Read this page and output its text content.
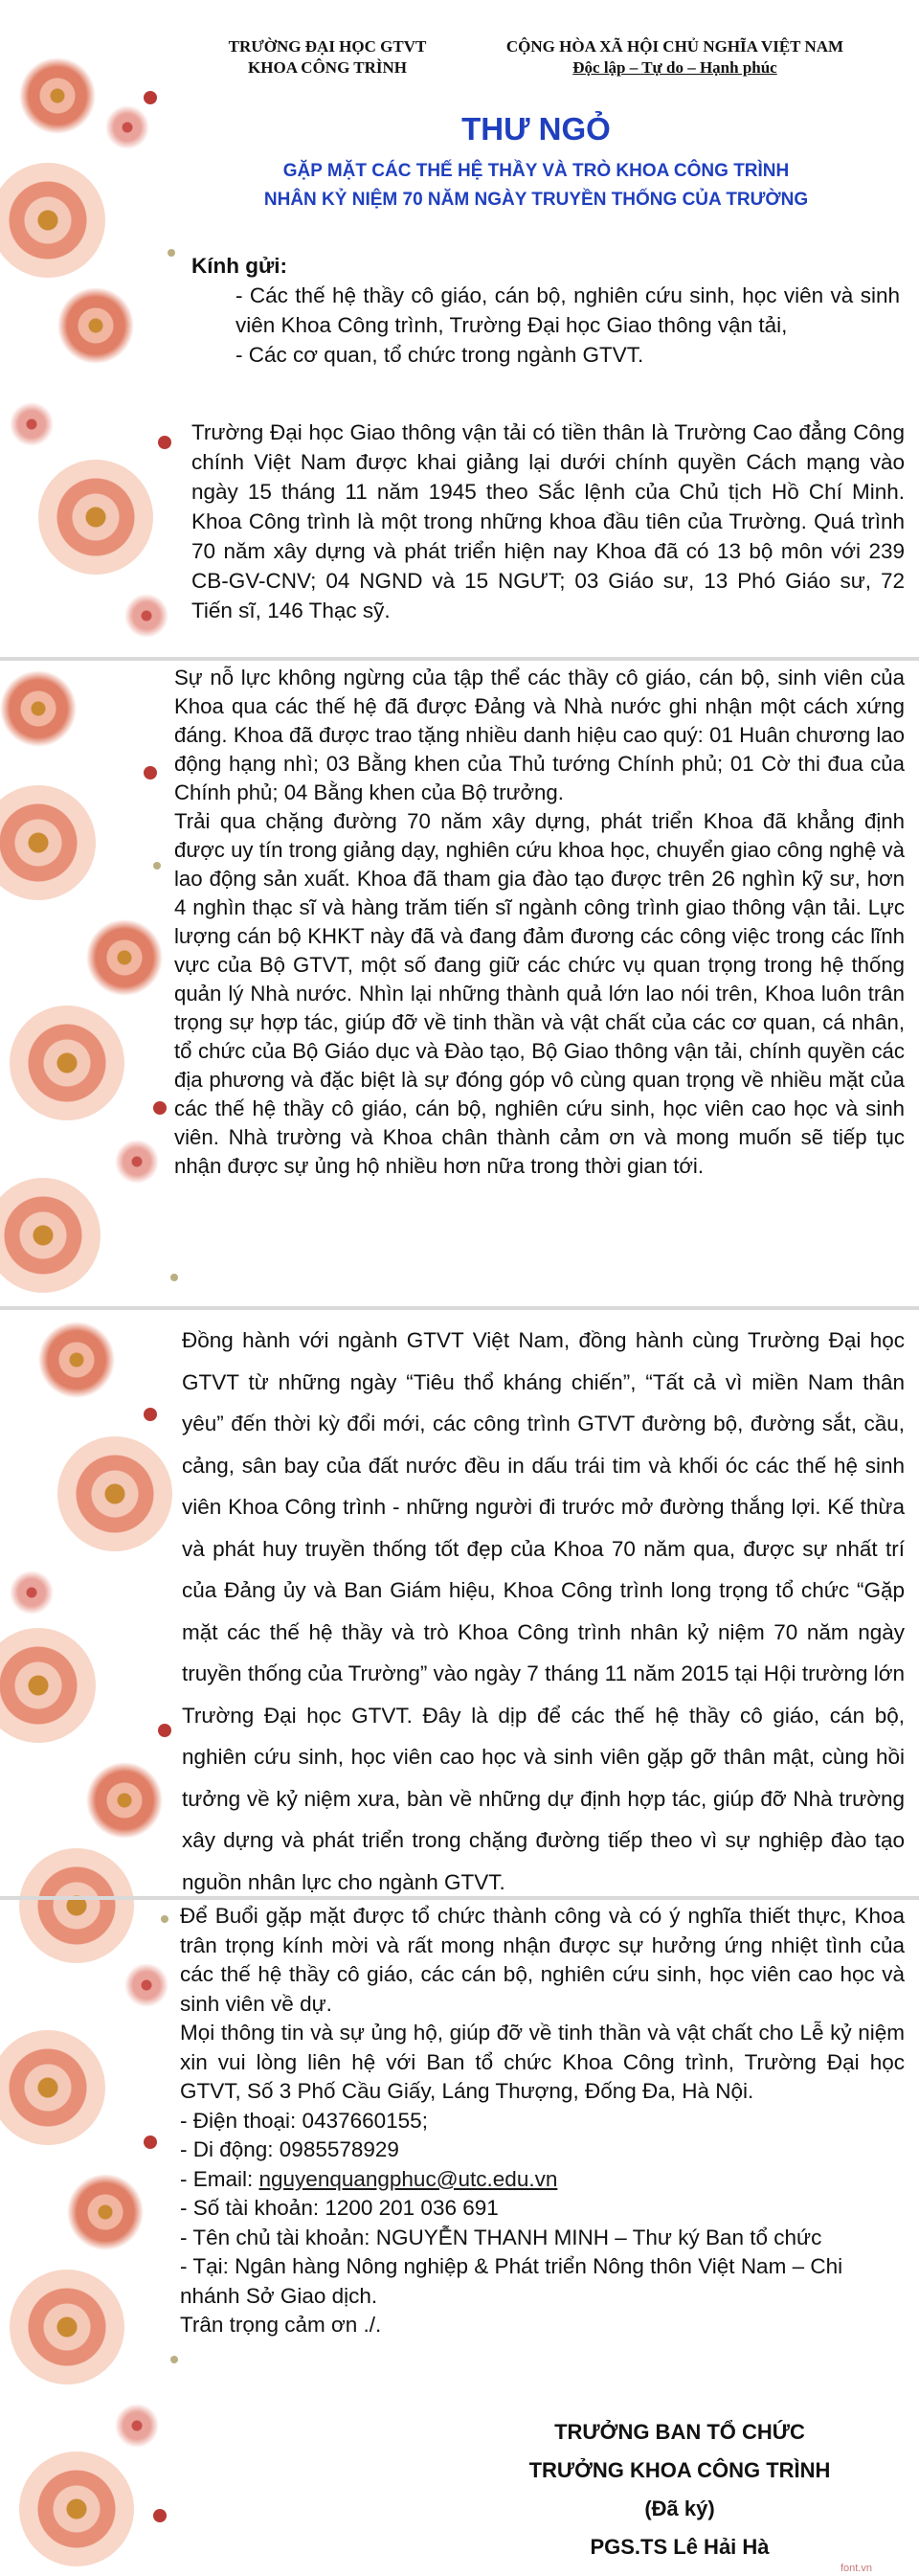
TRƯỜNG ĐẠI HỌC GTVT
KHOA CÔNG TRÌNH
CỘNG HÒA XÃ HỘI CHỦ NGHĨA VIỆT NAM
Độc lập – Tự do – Hạnh phúc
THƯ NGỎ
GẶP MẶT CÁC THẾ HỆ THẦY VÀ TRÒ KHOA CÔNG TRÌNH
NHÂN KỶ NIỆM 70 NĂM NGÀY TRUYỀN THỐNG CỦA TRƯỜNG

Kính gửi:

- Các thế hệ thầy cô giáo, cán bộ, nghiên cứu sinh, học viên và sinh viên Khoa Công trình, Trường Đại học Giao thông vận tải,

- Các cơ quan, tổ chức trong ngành GTVT.

Trường Đại học Giao thông vận tải có tiền thân là Trường Cao đẳng Công chính Việt Nam được khai giảng lại dưới chính quyền Cách mạng vào ngày 15 tháng 11 năm 1945 theo Sắc lệnh của Chủ tịch Hồ Chí Minh. Khoa Công trình là một trong những khoa đầu tiên của Trường. Quá trình 70 năm xây dựng và phát triển hiện nay Khoa đã có 13 bộ môn với 239 CB-GV-CNV; 04 NGND và 15 NGƯT; 03 Giáo sư, 13 Phó Giáo sư, 72 Tiến sĩ, 146 Thạc sỹ.

Sự nỗ lực không ngừng của tập thể các thầy cô giáo, cán bộ, sinh viên của Khoa qua các thế hệ đã được Đảng và Nhà nước ghi nhận một cách xứng đáng. Khoa đã được trao tặng nhiều danh hiệu cao quý: 01 Huân chương lao động hạng nhì; 03 Bằng khen của Thủ tướng Chính phủ; 01 Cờ thi đua của Chính phủ; 04 Bằng khen của Bộ trưởng.

Trải qua chặng đường 70 năm xây dựng, phát triển Khoa đã khẳng định được uy tín trong giảng dạy, nghiên cứu khoa học, chuyển giao công nghệ và lao động sản xuất. Khoa đã tham gia đào tạo được trên 26 nghìn kỹ sư, hơn 4 nghìn thạc sĩ và hàng trăm tiến sĩ ngành công trình giao thông vận tải. Lực lượng cán bộ KHKT này đã và đang đảm đương các công việc trong các lĩnh vực của Bộ GTVT, một số đang giữ các chức vụ quan trọng trong hệ thống quản lý Nhà nước. Nhìn lại những thành quả lớn lao nói trên, Khoa luôn trân trọng sự hợp tác, giúp đỡ về tinh thần và vật chất của các cơ quan, cá nhân, tổ chức của Bộ Giáo dục và Đào tạo, Bộ Giao thông vận tải, chính quyền các địa phương và đặc biệt là sự đóng góp vô cùng quan trọng về nhiều mặt của các thế hệ thầy cô giáo, cán bộ, nghiên cứu sinh, học viên cao học và sinh viên. Nhà trường và Khoa chân thành cảm ơn và mong muốn sẽ tiếp tục nhận được sự ủng hộ nhiều hơn nữa trong thời gian tới.

Đồng hành với ngành GTVT Việt Nam, đồng hành cùng Trường Đại học GTVT từ những ngày “Tiêu thổ kháng chiến”, “Tất cả vì miền Nam thân yêu” đến thời kỳ đổi mới, các công trình GTVT đường bộ, đường sắt, cầu, cảng, sân bay của đất nước đều in dấu trái tim và khối óc các thế hệ sinh viên Khoa Công trình - những người đi trước mở đường thắng lợi. Kế thừa và phát huy truyền thống tốt đẹp của Khoa 70 năm qua, được sự nhất trí của Đảng ủy và Ban Giám hiệu, Khoa Công trình long trọng tổ chức “Gặp mặt các thế hệ thầy và trò Khoa Công trình nhân kỷ niệm 70 năm ngày truyền thống của Trường” vào ngày 7 tháng 11 năm 2015 tại Hội trường lớn Trường Đại học GTVT. Đây là dịp để các thế hệ thầy cô giáo, cán bộ, nghiên cứu sinh, học viên cao học và sinh viên gặp gỡ thân mật, cùng hồi tưởng về kỷ niệm xưa, bàn về những dự định hợp tác, giúp đỡ Nhà trường xây dựng và phát triển trong chặng đường tiếp theo vì sự nghiệp đào tạo nguồn nhân lực cho ngành GTVT.

Để Buổi gặp mặt được tổ chức thành công và có ý nghĩa thiết thực, Khoa trân trọng kính mời và rất mong nhận được sự hưởng ứng nhiệt tình của các thế hệ thầy cô giáo, các cán bộ, nghiên cứu sinh, học viên cao học và sinh viên về dự.

Mọi thông tin và sự ủng hộ, giúp đỡ về tinh thần và vật chất cho Lễ kỷ niệm xin vui lòng liên hệ với Ban tổ chức Khoa Công trình, Trường Đại học GTVT, Số 3 Phố Cầu Giấy, Láng Thượng, Đống Đa, Hà Nội.

- Điện thoại: 0437660155;

- Di động: 0985578929

- Email: nguyenquangphuc@utc.edu.vn

- Số tài khoản: 1200 201 036 691

- Tên chủ tài khoản: NGUYỄN THANH MINH – Thư ký Ban tổ chức

- Tại: Ngân hàng Nông nghiệp & Phát triển Nông thôn Việt Nam – Chi nhánh Sở Giao dịch.

Trân trọng cảm ơn ./.

TRƯỞNG BAN TỔ CHỨC
TRƯỞNG KHOA CÔNG TRÌNH
(Đã ký)
PGS.TS Lê Hải Hà
font.vn
